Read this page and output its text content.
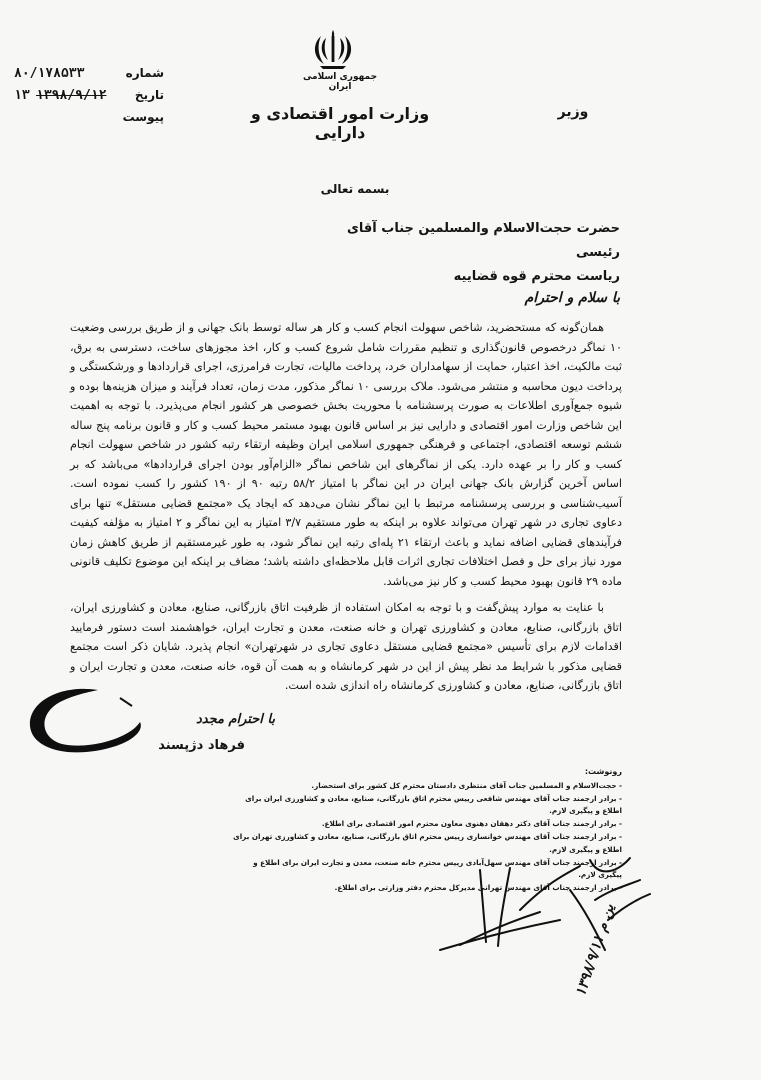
جمهوری اسلامی ایران
وزارت امور اقتصادی و دارایی
وزیر
شماره
۸۰/۱۷۸۵۳۳
تاریخ
۱۳۹۸/۹/۱۲
۱۳
پیوست
بسمه تعالی
حضرت حجت‌الاسلام والمسلمین جناب آقای رئیسی
ریاست محترم قوه قضاییه
با سلام و احترام

همان‌گونه که مستحضرید، شاخص سهولت انجام کسب و کار هر ساله توسط بانک جهانی و از طریق بررسی وضعیت ۱۰ نماگر درخصوص قانون‌گذاری و تنظیم مقررات شامل شروع کسب و کار، اخذ مجوزهای ساخت، دسترسی به برق، ثبت مالکیت، اخذ اعتبار، حمایت از سهامداران خرد، پرداخت مالیات، تجارت فرامرزی، اجرای قراردادها و ورشکستگی و پرداخت دیون محاسبه و منتشر می‌شود. ملاک بررسی ۱۰ نماگر مذکور، مدت زمان، تعداد فرآیند و میزان هزینه‌ها بوده و شیوه جمع‌آوری اطلاعات به صورت پرسشنامه با محوریت بخش خصوصی هر کشور انجام می‌پذیرد. با توجه به اهمیت این شاخص وزارت امور اقتصادی و دارایی نیز بر اساس قانون بهبود مستمر محیط کسب و کار و قانون برنامه پنج ساله ششم توسعه اقتصادی، اجتماعی و فرهنگی جمهوری اسلامی ایران وظیفه ارتقاء رتبه کشور در شاخص سهولت انجام کسب و کار را بر عهده دارد. یکی از نماگرهای این شاخص نماگر «الزام‌آور بودن اجرای قراردادها» می‌باشد که بر اساس آخرین گزارش بانک جهانی ایران در این نماگر با امتیاز ۵۸/۲ رتبه ۹۰ از ۱۹۰ کشور را کسب نموده است. آسیب‌شناسی و بررسی پرسشنامه مرتبط با این نماگر نشان می‌دهد که ایجاد یک «مجتمع قضایی مستقل» تنها برای دعاوی تجاری در شهر تهران می‌تواند علاوه بر اینکه به طور مستقیم ۳/۷ امتیاز به این نماگر و ۲ امتیاز به مؤلفه کیفیت فرآیندهای قضایی اضافه نماید و باعث ارتقاء ۲۱ پله‌ای رتبه این نماگر شود، به طور غیرمستقیم از طریق کاهش زمان مورد نیاز برای حل و فصل اختلافات تجاری اثرات قابل ملاحظه‌ای داشته باشد؛ مضاف بر اینکه این موضوع تکلیف قانونی ماده ۲۹ قانون بهبود محیط کسب و کار نیز می‌باشد.

با عنایت به موارد پیش‌گفت و با توجه به امکان استفاده از ظرفیت اتاق بازرگانی، صنایع، معادن و کشاورزی ایران، اتاق بازرگانی، صنایع، معادن و کشاورزی تهران و خانه صنعت، معدن و تجارت ایران، خواهشمند است دستور فرمایید اقدامات لازم برای تأسیس «مجتمع قضایی مستقل دعاوی تجاری در شهرتهران» انجام پذیرد. شایان ذکر است مجتمع قضایی مذکور با شرایط مد نظر پیش از این در شهر کرمانشاه و به همت آن قوه، خانه صنعت، معدن و تجارت ایران و اتاق بازرگانی، صنایع، معادن و کشاورزی کرمانشاه راه اندازی شده است.

با احترام مجدد
فرهاد دژپسند
رونوشت:
- حجت‌الاسلام و المسلمین جناب آقای منتظری دادستان محترم کل کشور برای استحضار.
- برادر ارجمند جناب آقای مهندس شافعی رییس محترم اتاق بازرگانی، صنایع، معادن و کشاورزی ایران برای اطلاع و پیگیری لازم.
- برادر ارجمند جناب آقای دکتر دهقان دهنوی معاون محترم امور اقتصادی برای اطلاع.
- برادر ارجمند جناب آقای مهندس خوانساری رییس محترم اتاق بازرگانی، صنایع، معادن و کشاورزی تهران برای اطلاع و پیگیری لازم.
- برادر ارجمند جناب آقای مهندس سهل‌آبادی رییس محترم خانه صنعت، معدن و تجارت ایران برای اطلاع و پیگیری لازم.
- برادر ارجمند جناب آقای مهندس تهرانی مدیرکل محترم دفتر وزارتی برای اطلاع.
ین م ۱۳۹۸/۹/۱۱
